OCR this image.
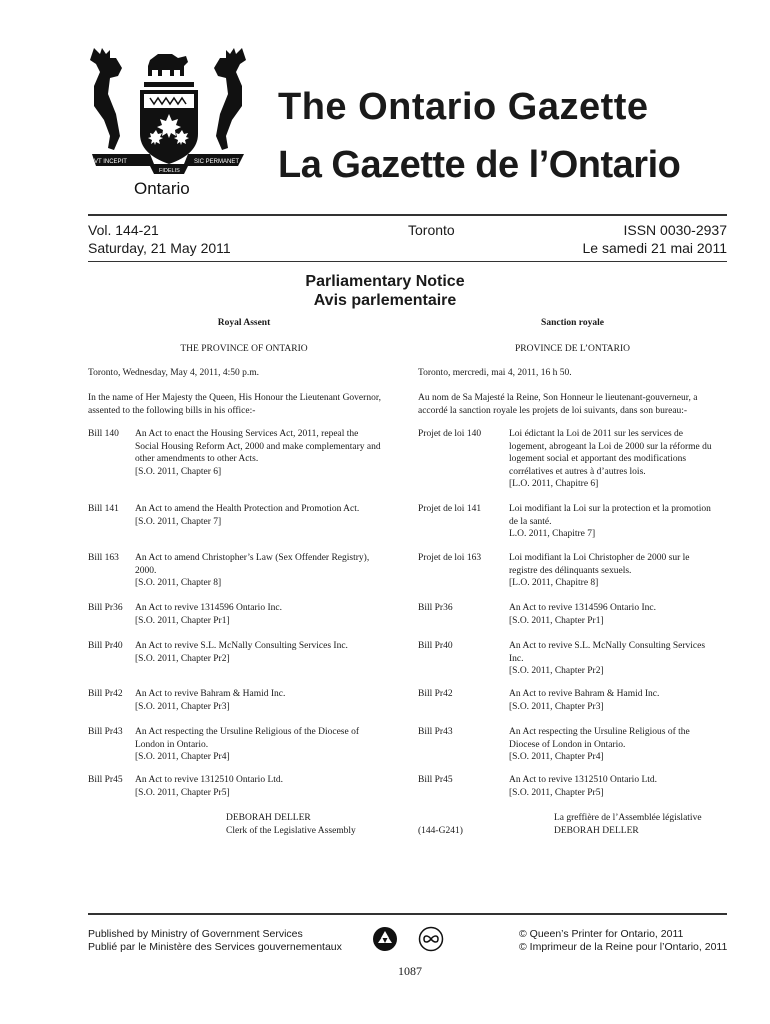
VT INCEPIT
FIDELIS
SIC PERMANET
Ontario
The Ontario Gazette
La Gazette de l’Ontario
Vol. 144-21
Saturday, 21 May 2011
Toronto	ISSN 0030-2937
Le samedi 21 mai 2011
Parliamentary Notice
Avis parlementaire
Royal Assent	Sanction royale
THE PROVINCE OF ONTARIO	PROVINCE DE L’ONTARIO
Toronto, Wednesday, May 4, 2011, 4:50 p.m.	Toronto, mercredi, mai 4, 2011, 16 h 50.
In the name of Her Majesty the Queen, His Honour the Lieutenant Governor,
assented to the following bills in his office:-
Au nom de Sa Majesté la Reine, Son Honneur le lieutenant-gouverneur, a
accordé la sanction royale les projets de loi suivants, dans son bureau:-
Bill 140 An Act to enact the Housing Services Act, 2011, repeal the
Social Housing Reform Act, 2000 and make complementary and
other amendments to other Acts.
[S.O. 2011, Chapter 6]
Projet de loi 140	Loi édictant la Loi de 2011 sur les services de
logement, abrogeant la Loi de 2000 sur la réforme du
logement social et apportant des modifications
corrélatives et autres à d’autres lois.
[L.O. 2011, Chapitre 6]
Bill 141 An Act to amend the Health Protection and Promotion Act.
[S.O. 2011, Chapter 7]
Projet de loi 141	Loi modifiant la Loi sur la protection et la promotion
de la santé.
L.O. 2011, Chapitre 7]
Bill 163 An Act to amend Christopher’s Law (Sex Offender Registry),
2000.
[S.O. 2011, Chapter 8]
Projet de loi 163	Loi modifiant la Loi Christopher de 2000 sur le
registre des délinquants sexuels.
[L.O. 2011, Chapitre 8]
Bill Pr36 An Act to revive 1314596 Ontario Inc.
[S.O. 2011, Chapter Pr1]
Bill Pr36	An Act to revive 1314596 Ontario Inc.
[S.O. 2011, Chapter Pr1]
Bill Pr40 An Act to revive S.L. McNally Consulting Services Inc.
[S.O. 2011, Chapter Pr2]
Bill Pr40	An Act to revive S.L. McNally Consulting Services
Inc.
[S.O. 2011, Chapter Pr2]
Bill Pr42 An Act to revive Bahram & Hamid Inc.
[S.O. 2011, Chapter Pr3]
Bill Pr42	An Act to revive Bahram & Hamid Inc.
[S.O. 2011, Chapter Pr3]
Bill Pr43 An Act respecting the Ursuline Religious of the Diocese of
London in Ontario.
[S.O. 2011, Chapter Pr4]
Bill Pr43	An Act respecting the Ursuline Religious of the
Diocese of London in Ontario.
[S.O. 2011, Chapter Pr4]
Bill Pr45 An Act to revive 1312510 Ontario Ltd.
[S.O. 2011, Chapter Pr5]
Bill Pr45	An Act to revive 1312510 Ontario Ltd.
[S.O. 2011, Chapter Pr5]
DEBORAH DELLER
Clerk of the Legislative Assembly	(144-G241)
La greffière de l’Assemblée législative
DEBORAH DELLER
Published by Ministry of Government Services
Publié par le Ministère des Services gouvernementaux
© Queen’s Printer for Ontario, 2011
© Imprimeur de la Reine pour l’Ontario, 2011
1087
